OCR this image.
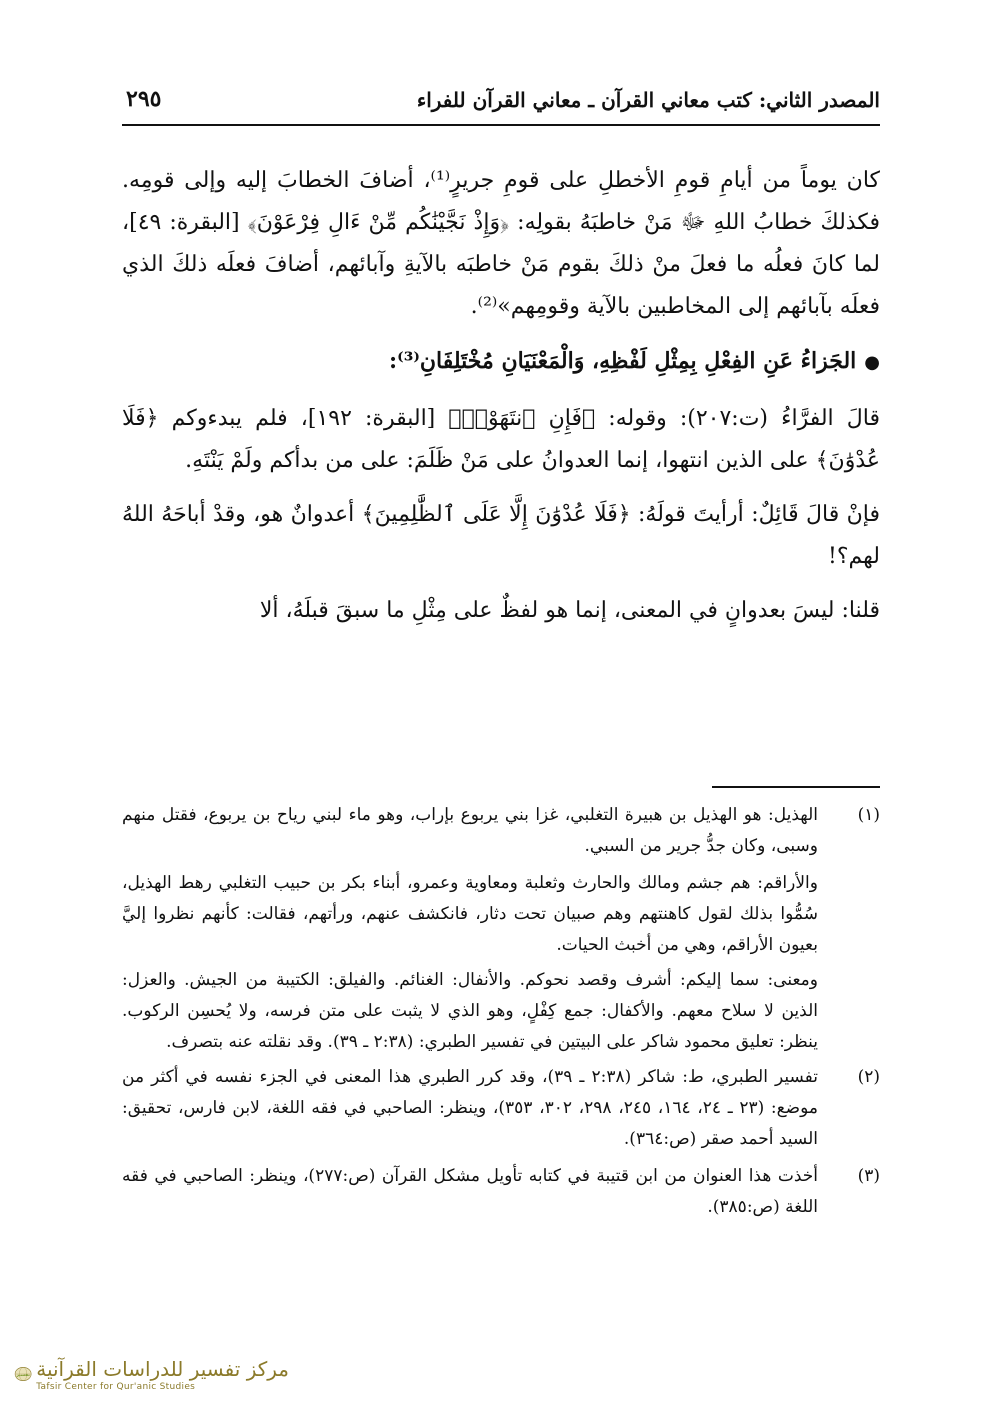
المصدر الثاني: كتب معاني القرآن ـ معاني القرآن للفراء
٢٩٥

كان يوماً من أيامِ قومِ الأخطلِ على قومِ جريرٍ⁽¹⁾، أضافَ الخطابَ إليه وإلى قومِه. فكذلكَ خطابُ اللهِ ﷻ مَنْ خاطبَهُ بقولِه: ﴿وَإِذْ نَجَّيْنَٰكُم مِّنْ ءَالِ فِرْعَوْنَ﴾ [البقرة: ٤٩]، لما كانَ فعلُه ما فعلَ منْ ذلكَ بقوم مَنْ خاطبَه بالآيةِ وآبائهم، أضافَ فعلَه ذلكَ الذي فعلَه بآبائهم إلى المخاطبين بالآية وقومِهم»⁽²⁾.

●الجَزاءُ عَنِ الفِعْلِ بِمِثْلِ لَفْظِهِ، وَالْمَعْنَيَانِ مُخْتَلِفَانِ⁽³⁾:

قالَ الفرَّاءُ (ت:٢٠٧): وقوله: ﴿فَإِنِ ٱنتَهَوْا۟﴾ [البقرة: ١٩٢]، فلم يبدءوكم ﴿فَلَا عُدْوَٰنَ﴾ على الذين انتهوا، إنما العدوانُ على مَنْ ظَلَمَ: على من بدأكم ولَمْ يَنْتَهِ.

فإنْ قالَ قَائِلٌ: أرأيتَ قولَهُ: ﴿فَلَا عُدْوَٰنَ إِلَّا عَلَى ٱلظَّٰلِمِينَ﴾ أعدوانٌ هو، وقدْ أباحَهُ اللهُ لهم؟!

قلنا: ليسَ بعدوانٍ في المعنى، إنما هو لفظٌ على مِثْلِ ما سبقَ قبلَهُ، ألا

(١)
الهذيل: هو الهذيل بن هبيرة التغلبي، غزا بني يربوع بإراب، وهو ماء لبني رياح بن يربوع، فقتل منهم وسبى، وكان جدُّ جرير من السبي.
والأراقم: هم جشم ومالك والحارث وثعلبة ومعاوية وعمرو، أبناء بكر بن حبيب التغلبي رهط الهذيل، سُمُّوا بذلك لقول كاهنتهم وهم صبيان تحت دثار، فانكشف عنهم، ورأتهم، فقالت: كأنهم نظروا إليَّ بعيون الأراقم، وهي من أخبث الحيات.
ومعنى: سما إليكم: أشرف وقصد نحوكم. والأنفال: الغنائم. والفيلق: الكتيبة من الجيش. والعزل: الذين لا سلاح معهم. والأكفال: جمع كِفْلٍ، وهو الذي لا يثبت على متن فرسه، ولا يُحسِن الركوب. ينظر: تعليق محمود شاكر على البيتين في تفسير الطبري: (٢:٣٨ ـ ٣٩). وقد نقلته عنه بتصرف.
(٢)
تفسير الطبري، ط: شاكر (٢:٣٨ ـ ٣٩)، وقد كرر الطبري هذا المعنى في الجزء نفسه في أكثر من موضع: (٢٣ ـ ٢٤، ١٦٤، ٢٤٥، ٢٩٨، ٣٠٢، ٣٥٣)، وينظر: الصاحبي في فقه اللغة، لابن فارس، تحقيق: السيد أحمد صقر (ص:٣٦٤).
(٣)
أخذت هذا العنوان من ابن قتيبة في كتابه تأويل مشكل القرآن (ص:٢٧٧)، وينظر: الصاحبي في فقه اللغة (ص:٣٨٥).
تفسير مركز تفسير للدراسات القرآنية
Tafsir Center for Qur'anic Studies
